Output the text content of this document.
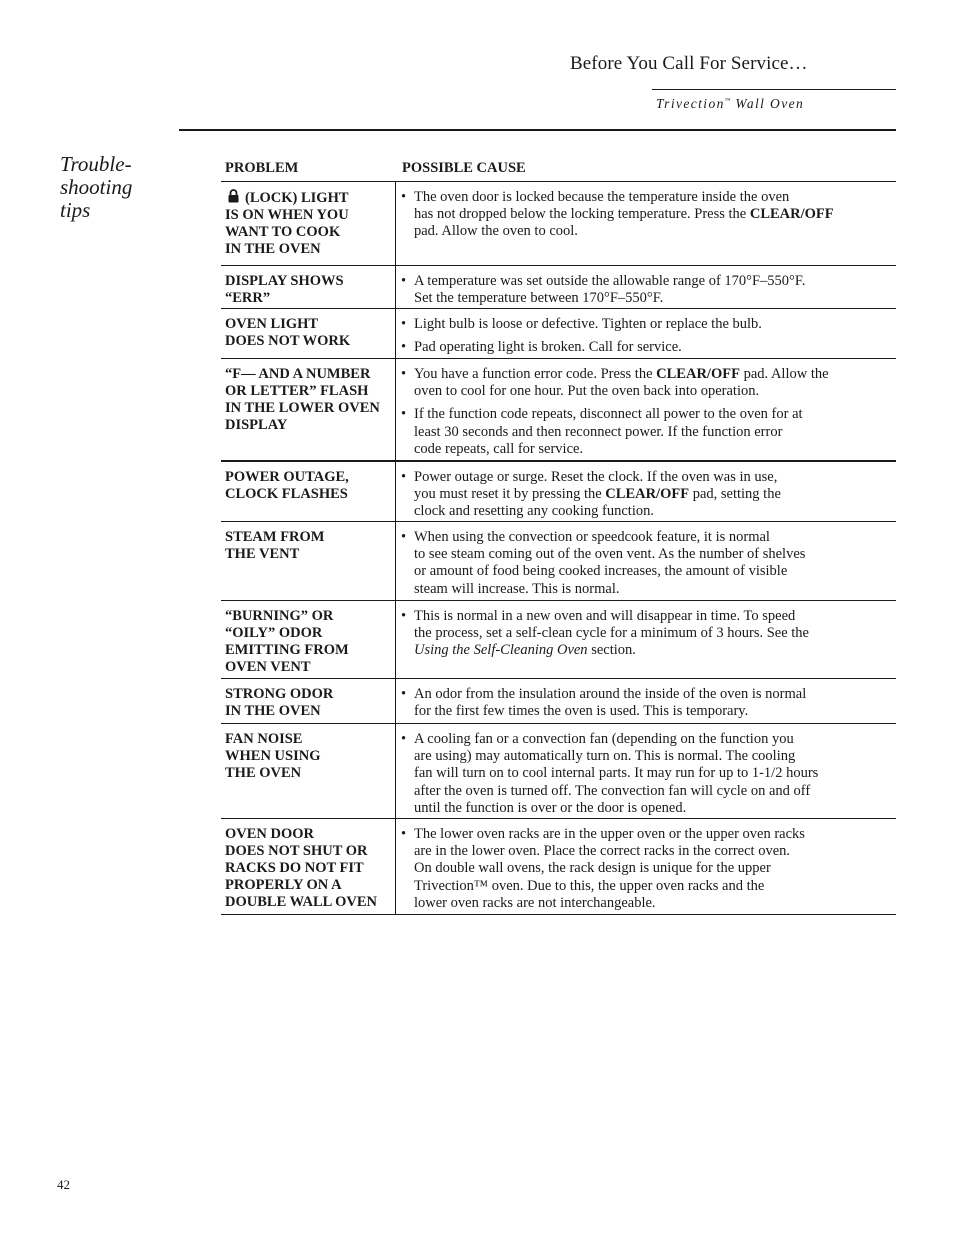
Before You Call For Service…
Trivection™ Wall Oven
Trouble-
shooting
tips
PROBLEM	POSSIBLE CAUSE
(LOCK) LIGHT
IS ON WHEN YOU
WANT TO COOK
IN THE OVEN
• The oven door is locked because the temperature inside the oven
has not dropped below the locking temperature. Press the CLEAR/OFF
pad. Allow the oven to cool.
DISPLAY SHOWS
“ERR”
• A temperature was set outside the allowable range of 170°F–550°F.
Set the temperature between 170°F–550°F.
OVEN LIGHT
DOES NOT WORK
• Light bulb is loose or defective. Tighten or replace the bulb.
• Pad operating light is broken. Call for service.
“F— AND A NUMBER
OR LETTER” FLASH
IN THE LOWER OVEN
DISPLAY
• You have a function error code. Press the CLEAR/OFF pad. Allow the
oven to cool for one hour. Put the oven back into operation.
• If the function code repeats, disconnect all power to the oven for at
least 30 seconds and then reconnect power. If the function error
code repeats, call for service.
POWER OUTAGE,
CLOCK FLASHES
• Power outage or surge. Reset the clock. If the oven was in use,
you must reset it by pressing the CLEAR/OFF pad, setting the
clock and resetting any cooking function.
STEAM FROM
THE VENT
• When using the convection or speedcook feature, it is normal
to see steam coming out of the oven vent. As the number of shelves
or amount of food being cooked increases, the amount of visible
steam will increase. This is normal.
“BURNING” OR
“OILY” ODOR
EMITTING FROM
OVEN VENT
• This is normal in a new oven and will disappear in time. To speed
the process, set a self-clean cycle for a minimum of 3 hours. See the
Using the Self-Cleaning Oven section.
STRONG ODOR
IN THE OVEN
• An odor from the insulation around the inside of the oven is normal
for the first few times the oven is used. This is temporary.
FAN NOISE
WHEN USING
THE OVEN
• A cooling fan or a convection fan (depending on the function you
are using) may automatically turn on. This is normal. The cooling
fan will turn on to cool internal parts. It may run for up to 1-1/2 hours
after the oven is turned off. The convection fan will cycle on and off
until the function is over or the door is opened.
OVEN DOOR
DOES NOT SHUT OR
RACKS DO NOT FIT
PROPERLY ON A
DOUBLE WALL OVEN
• The lower oven racks are in the upper oven or the upper oven racks
are in the lower oven. Place the correct racks in the correct oven.
On double wall ovens, the rack design is unique for the upper
Trivection™ oven. Due to this, the upper oven racks and the
lower oven racks are not interchangeable.
42
